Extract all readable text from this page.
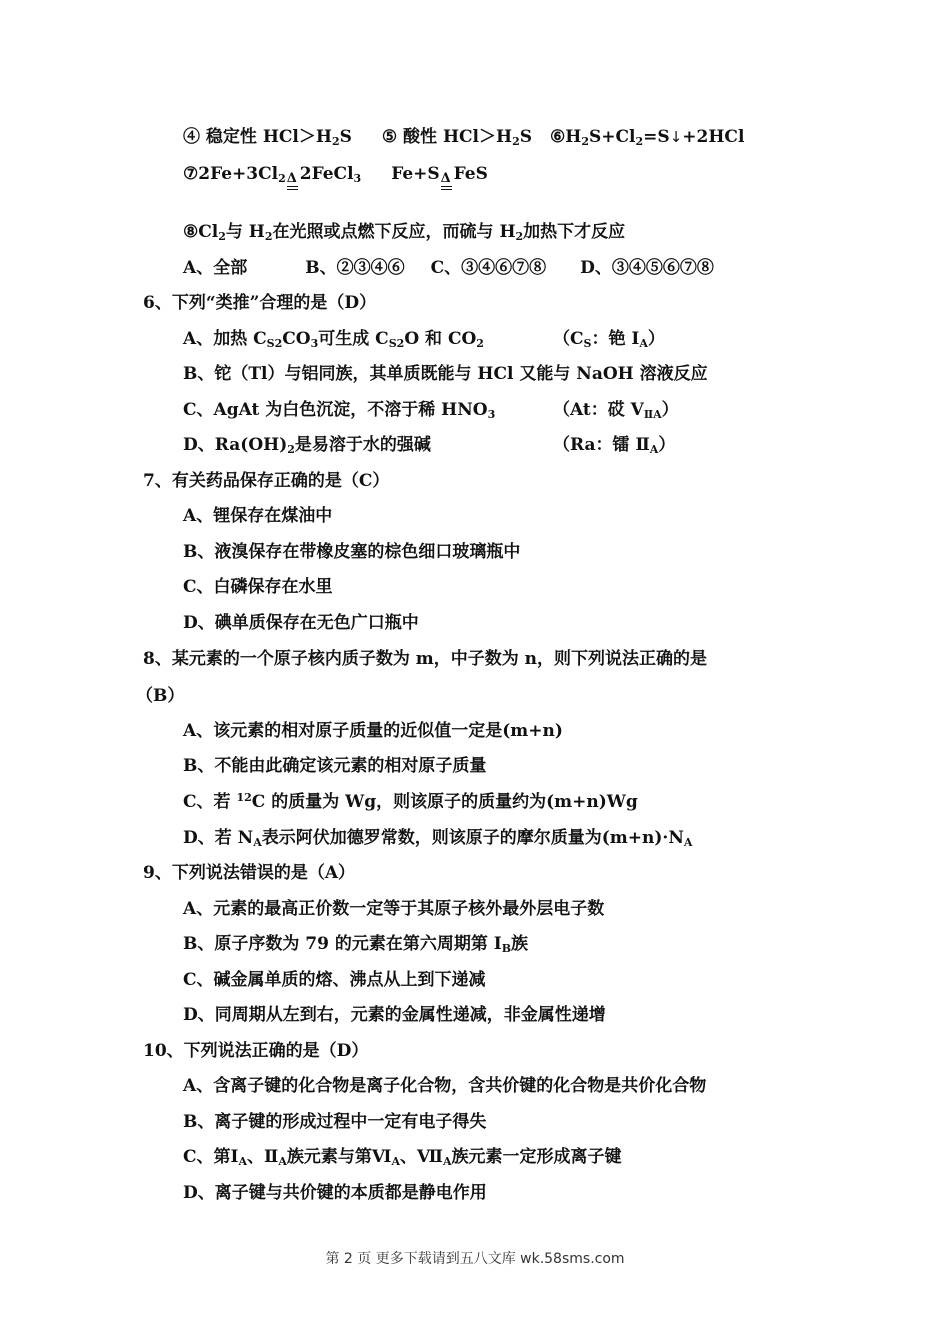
④ 稳定性 $HCl>H_2S$ ⑤ 酸性 $HCl>H_2S$ $⑥H_2S+Cl_2=S↓+2HCl$
$⑦2Fe+3Cl_2$ Δ 2FeCl$_3$ Fe+S Δ FeS
$⑧Cl_2$与 $H_2$在光照或点燃下反应，而硫与 $H_2$加热下才反应
A、全部	B、②③④⑥ C、③④⑥⑦⑧ D、③④⑤⑥⑦⑧
6、下列“类推”合理的是（D）
A、加热 $C_{S2}CO_3$可生成 $C_{S2}O$ 和 $CO_2$	（$C_S$：铯 $I_A$）
B、铊（Tl）与铝同族，其单质既能与 HCl 又能与 NaOH 溶液反应
C、AgAt 为白色沉淀，不溶于稀 $HNO_3$	（At：砹 $V_{ⅡA}$）
D、$Ra(OH)_2$是易溶于水的强碱	（Ra：镭 $Ⅱ_A$）
7、有关药品保存正确的是（C）
A、锂保存在煤油中
B、液溴保存在带橡皮塞的棕色细口玻璃瓶中
C、白磷保存在水里
D、碘单质保存在无色广口瓶中
8、某元素的一个原子核内质子数为 m，中子数为 n，则下列说法正确的是
（B）
A、该元素的相对原子质量的近似值一定是(m+n)
B、不能由此确定该元素的相对原子质量
C、若 $^{12}$C 的质量为 Wg，则该原子的质量约为(m+n)Wg
D、若 $N_A$表示阿伏加德罗常数，则该原子的摩尔质量为$(m+n)\cdot N_A$
9、下列说法错误的是（A）
A、元素的最高正价数一定等于其原子核外最外层电子数
B、原子序数为 79 的元素在第六周期第 $I_B$族
C、碱金属单质的熔、沸点从上到下递减
D、同周期从左到右，元素的金属性递减，非金属性递增
10、下列说法正确的是（D）
A、含离子键的化合物是离子化合物，含共价键的化合物是共价化合物
B、离子键的形成过程中一定有电子得失
C、第$Ⅰ_A$、$Ⅱ_A$族元素与第$Ⅵ_A$、$Ⅶ_A$族元素一定形成离子键
D、离子键与共价键的本质都是静电作用
第 2 页 更多下载请到五八文库 wk.58sms.com
